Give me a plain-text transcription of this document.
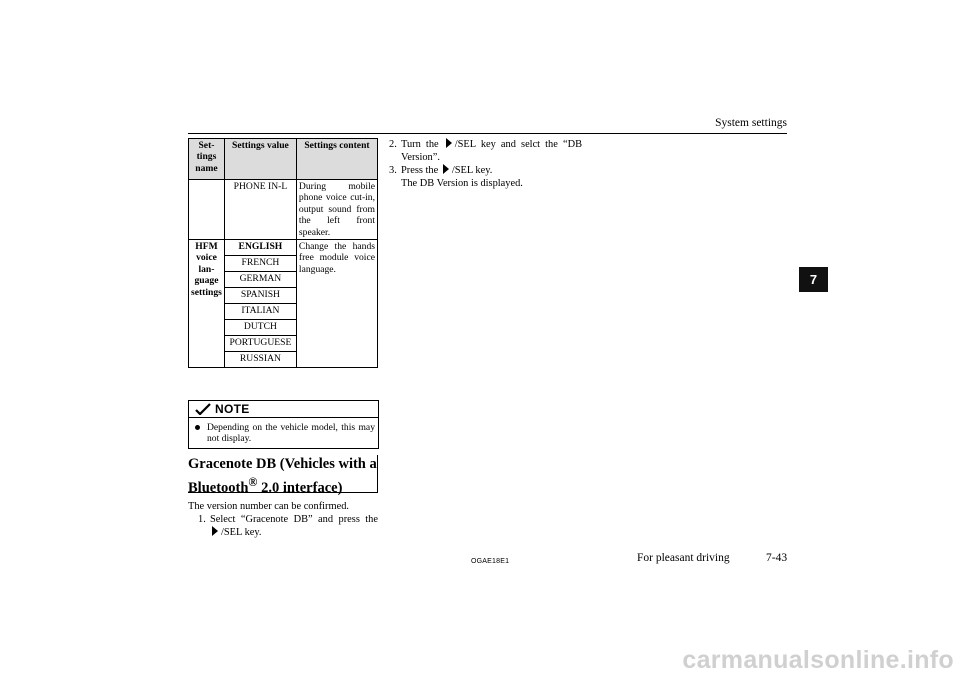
System settings
7
Set-tings name	Settings value	Settings content
	PHONE IN-L	During mobile phone voice cut-in, output sound from the left front speaker.
HFM voice lan-guage settings	ENGLISH	Change the hands free module voice language.
	FRENCH	
	GERMAN	
	SPANISH	
	ITALIAN	
	DUTCH	
	PORTUGUESE	
	RUSSIAN	
NOTE
Depending on the vehicle model, this may not display.
Gracenote DB (Vehicles with a Bluetooth® 2.0 interface)
The version number can be confirmed.
1. Select “Gracenote DB” and press the
/SEL key.
2. Turn the /SEL key and selct the “DB
Version”.
3. Press the /SEL key.
The DB Version is displayed.
OGAE18E1	For pleasant driving	7-43
carmanualsonline.info
